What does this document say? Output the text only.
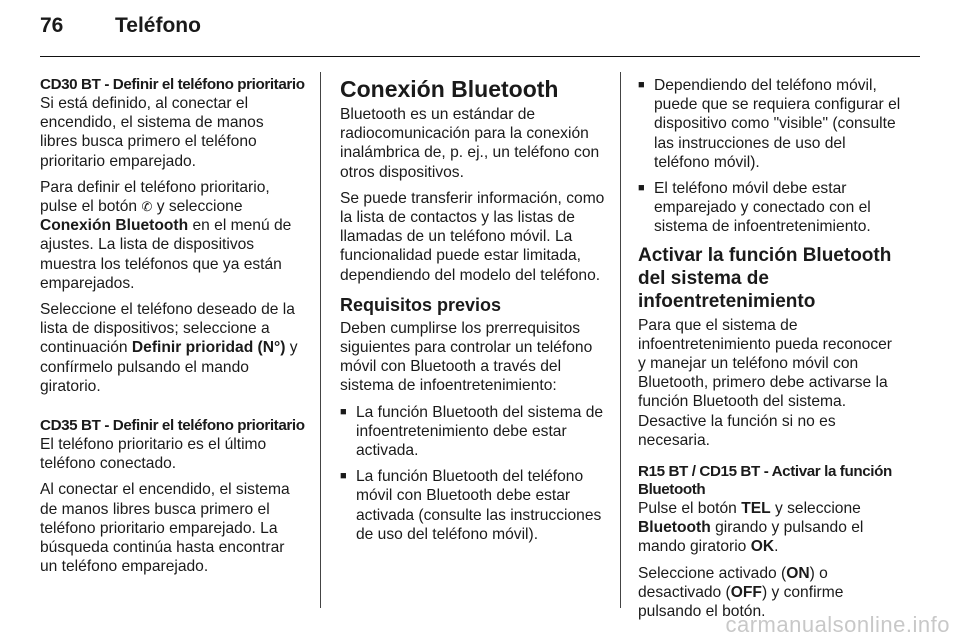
76	Teléfono
CD30 BT - Definir el teléfono prioritario

Si está definido, al conectar el encendido, el sistema de manos libres busca primero el teléfono prioritario emparejado.

Para definir el teléfono prioritario, pulse el botón ✆ y seleccione Conexión Bluetooth en el menú de ajustes. La lista de dispositivos muestra los teléfonos que ya están emparejados.

Seleccione el teléfono deseado de la lista de dispositivos; seleccione a continuación Definir prioridad (N°) y confírmelo pulsando el mando giratorio.

CD35 BT - Definir el teléfono prioritario

El teléfono prioritario es el último teléfono conectado.

Al conectar el encendido, el sistema de manos libres busca primero el teléfono prioritario emparejado. La búsqueda continúa hasta encontrar un teléfono emparejado.

Conexión Bluetooth

Bluetooth es un estándar de radiocomunicación para la conexión inalámbrica de, p. ej., un teléfono con otros dispositivos.

Se puede transferir información, como la lista de contactos y las listas de llamadas de un teléfono móvil. La funcionalidad puede estar limitada, dependiendo del modelo del teléfono.

Requisitos previos

Deben cumplirse los prerrequisitos siguientes para controlar un teléfono móvil con Bluetooth a través del sistema de infoentretenimiento:

■ La función Bluetooth del sistema de infoentretenimiento debe estar activada.
■ La función Bluetooth del teléfono móvil con Bluetooth debe estar activada (consulte las instrucciones de uso del teléfono móvil).
■ Dependiendo del teléfono móvil, puede que se requiera configurar el dispositivo como "visible" (consulte las instrucciones de uso del teléfono móvil).
■ El teléfono móvil debe estar emparejado y conectado con el sistema de infoentretenimiento.
Activar la función Bluetooth del sistema de infoentretenimiento

Para que el sistema de infoentretenimiento pueda reconocer y manejar un teléfono móvil con Bluetooth, primero debe activarse la función Bluetooth del sistema. Desactive la función si no es necesaria.

R15 BT / CD15 BT - Activar la función Bluetooth

Pulse el botón TEL y seleccione Bluetooth girando y pulsando el mando giratorio OK.

Seleccione activado (ON) o desactivado (OFF) y confirme pulsando el botón.

carmanualsonline.info
